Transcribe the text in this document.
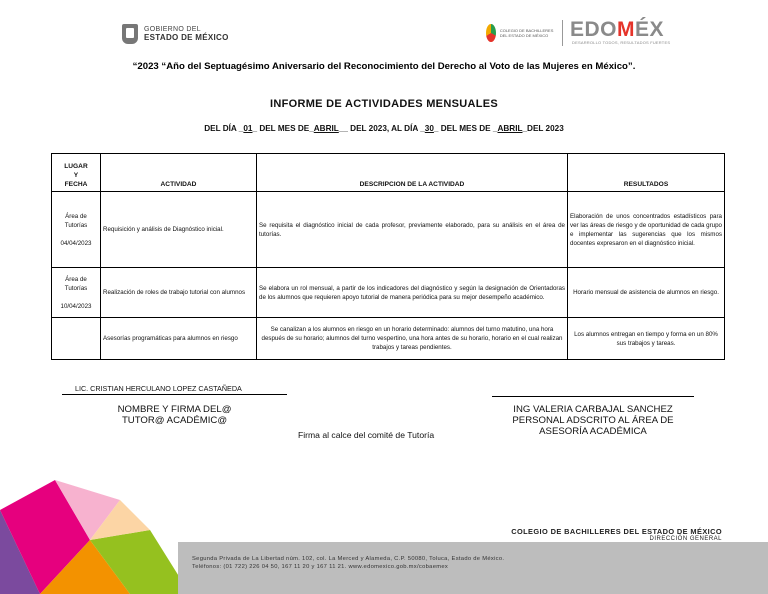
GOBIERNO DEL
ESTADO DE MÉXICO
COLEGIO DE BACHILLERES DEL ESTADO DE MÉXICO	EDOMÉX
DESARROLLO TODOS, RESULTADOS FUERTES
“2023 “Año del Septuagésimo Aniversario del Reconocimiento del Derecho al Voto de las Mujeres en México”.
INFORME DE ACTIVIDADES MENSUALES
DEL DÍA _01_ DEL MES DE_ABRIL__ DEL 2023, AL DÍA _30_ DEL MES DE _ABRIL_DEL 2023
LUGAR
Y
FECHA	ACTIVIDAD	DESCRIPCION DE LA ACTIVIDAD	RESULTADOS
Área de Tutorías

04/04/2023	Requisición y análisis de Diagnóstico inicial.	Se requisita el diagnóstico inicial de cada profesor, previamente elaborado, para su análisis en el área de tutorías.	Elaboración de unos concentrados estadísticos para ver las áreas de riesgo y de oportunidad de cada grupo e implementar las sugerencias que los mismos docentes expresaron en el diagnóstico inicial.
Área de Tutorías

10/04/2023	Realización de roles de trabajo tutorial con alumnos	Se elabora un rol mensual, a partir de los indicadores del diagnóstico y según la designación de Orientadoras de los alumnos que requieren apoyo tutorial de manera periódica para su mejor desempeño académico.	Horario mensual de asistencia de alumnos en riesgo.
	Asesorías programáticas para alumnos en riesgo	Se canalizan a los alumnos en riesgo en un horario determinado: alumnos del turno matutino, una hora después de su horario; alumnos del turno vespertino, una hora antes de su horario, horario en el cual realizan trabajos y tareas pendientes.	Los alumnos entregan en tiempo y forma en un 80% sus trabajos y tareas.
LIC. CRISTIAN HERCULANO LOPEZ CASTAÑEDA
NOMBRE Y FIRMA DEL@
TUTOR@ ACADÉMIC@
Firma al calce del comité de Tutoría
ING VALERIA CARBAJAL SANCHEZ
PERSONAL ADSCRITO AL ÁREA DE
ASESORÍA ACADÉMICA
COLEGIO DE BACHILLERES DEL ESTADO DE MÉXICO
DIRECCIÓN GENERAL
Segunda Privada de La Libertad núm. 102, col. La Merced y Alameda, C.P. 50080, Toluca, Estado de México.
Teléfonos: (01 722) 226 04 50, 167 11 20 y 167 11 21. www.edomexico.gob.mx/cobaemex
